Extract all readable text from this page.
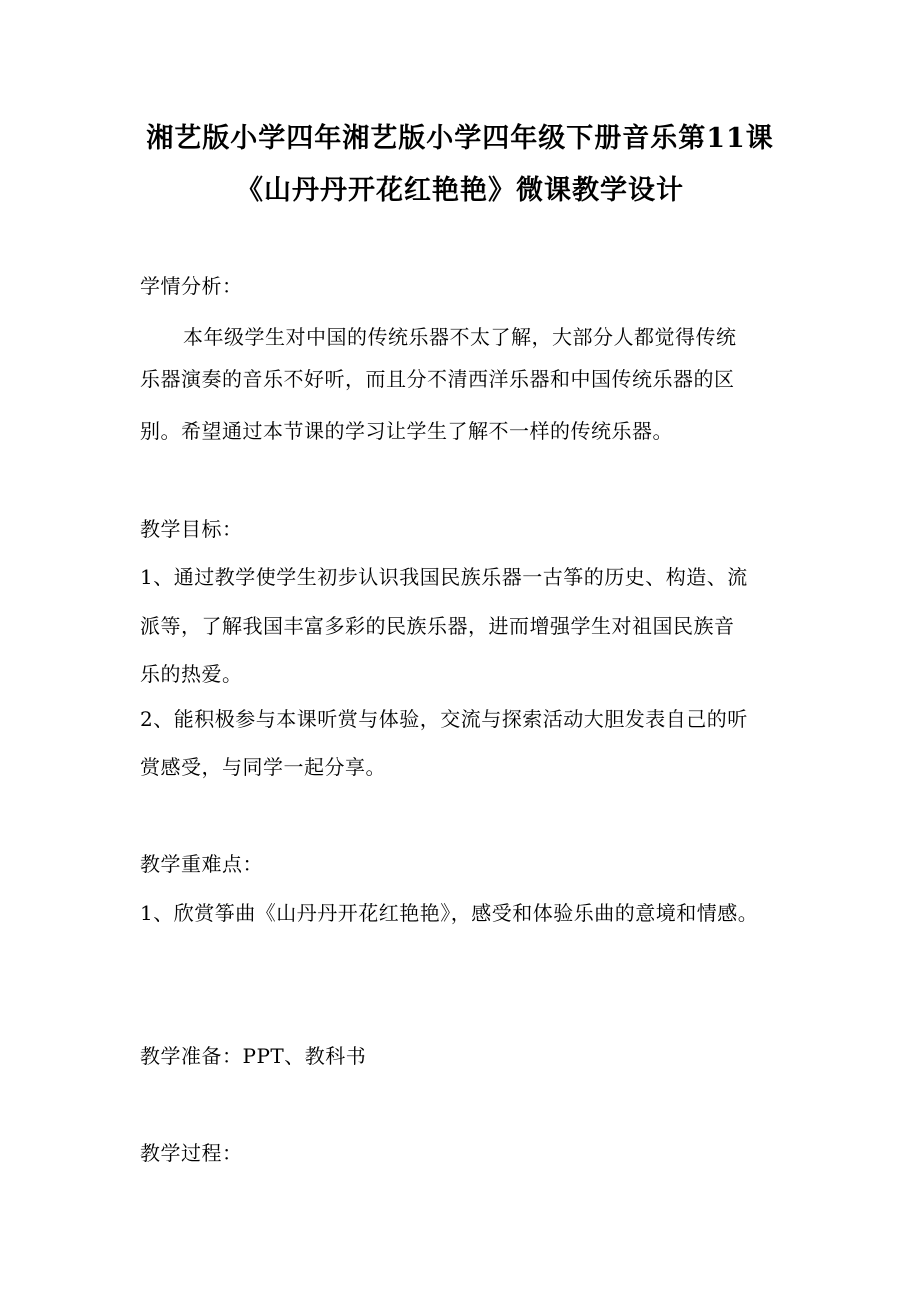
湘艺版小学四年湘艺版小学四年级下册音乐第11课
《山丹丹开花红艳艳》微课教学设计
学情分析：
本年级学生对中国的传统乐器不太了解，大部分人都觉得传统
乐器演奏的音乐不好听，而且分不清西洋乐器和中国传统乐器的区
别。希望通过本节课的学习让学生了解不一样的传统乐器。
教学目标：
1、通过教学使学生初步认识我国民族乐器一古筝的历史、构造、流
派等，了解我国丰富多彩的民族乐器，进而增强学生对祖国民族音
乐的热爱。
2、能积极参与本课听赏与体验，交流与探索活动大胆发表自己的听
赏感受，与同学一起分享。
教学重难点：
1、欣赏筝曲《山丹丹开花红艳艳》，感受和体验乐曲的意境和情感。
教学准备：PPT、教科书
教学过程：
